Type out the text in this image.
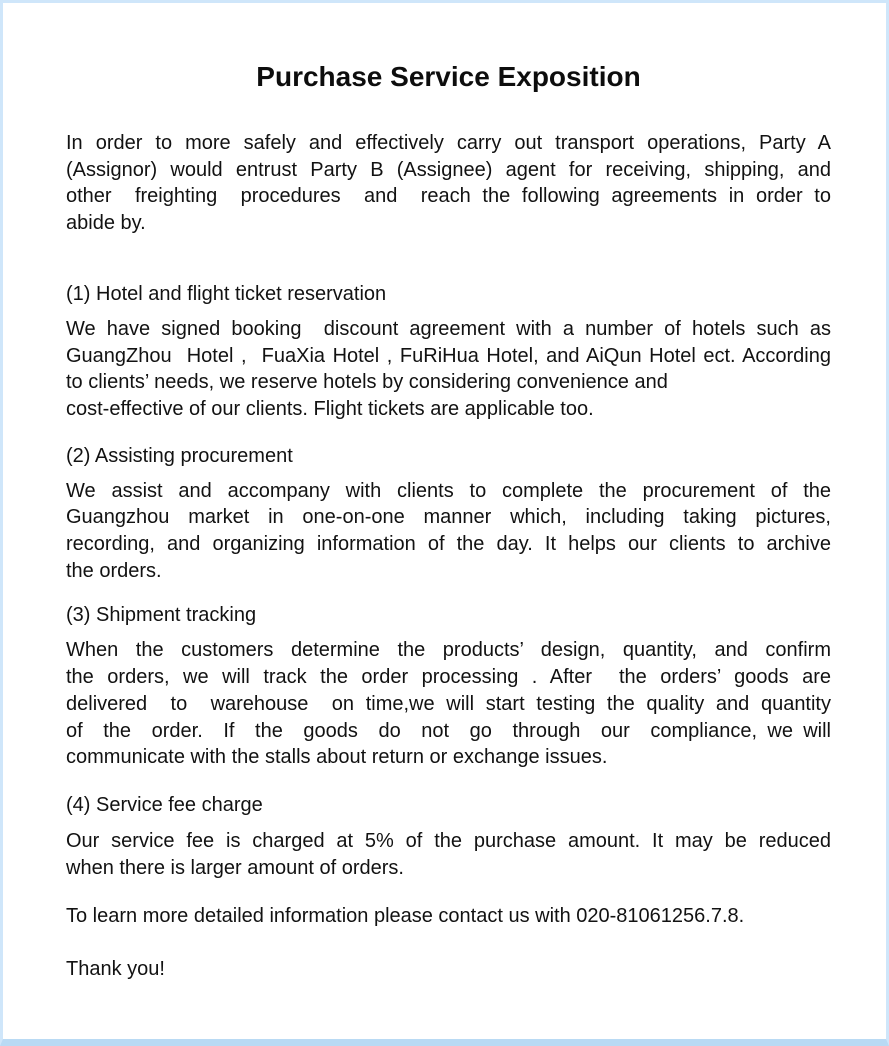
Purchase Service Exposition
In order to more safely and effectively carry out transport operations, Party A
(Assignor) would entrust Party B (Assignee) agent for receiving, shipping, and
other  freighting  procedures  and  reach the following agreements in order to
abide by.
(1) Hotel and flight ticket reservation
We have signed booking  discount agreement with a number of hotels such as
GuangZhou  Hotel ,  FuaXia Hotel , FuRiHua Hotel, and AiQun Hotel ect. According
to clients’ needs, we reserve hotels by considering convenience and
cost-effective of our clients. Flight tickets are applicable too.
(2) Assisting procurement
We assist and accompany with clients to complete the procurement of the
Guangzhou market in one-on-one manner which, including taking pictures,
recording, and organizing information of the day. It helps our clients to archive
the orders.
(3) Shipment tracking
When the customers determine the products’ design, quantity, and confirm
the orders, we will track the order processing . After  the orders’ goods are
delivered  to  warehouse  on time,we will start testing the quality and quantity
of  the  order.  If  the  goods  do  not  go  through  our  compliance, we will
communicate with the stalls about return or exchange issues.
(4) Service fee charge
Our service fee is charged at 5% of the purchase amount. It may be reduced
when there is larger amount of orders.
To learn more detailed information please contact us with 020-81061256.7.8.
Thank you!
